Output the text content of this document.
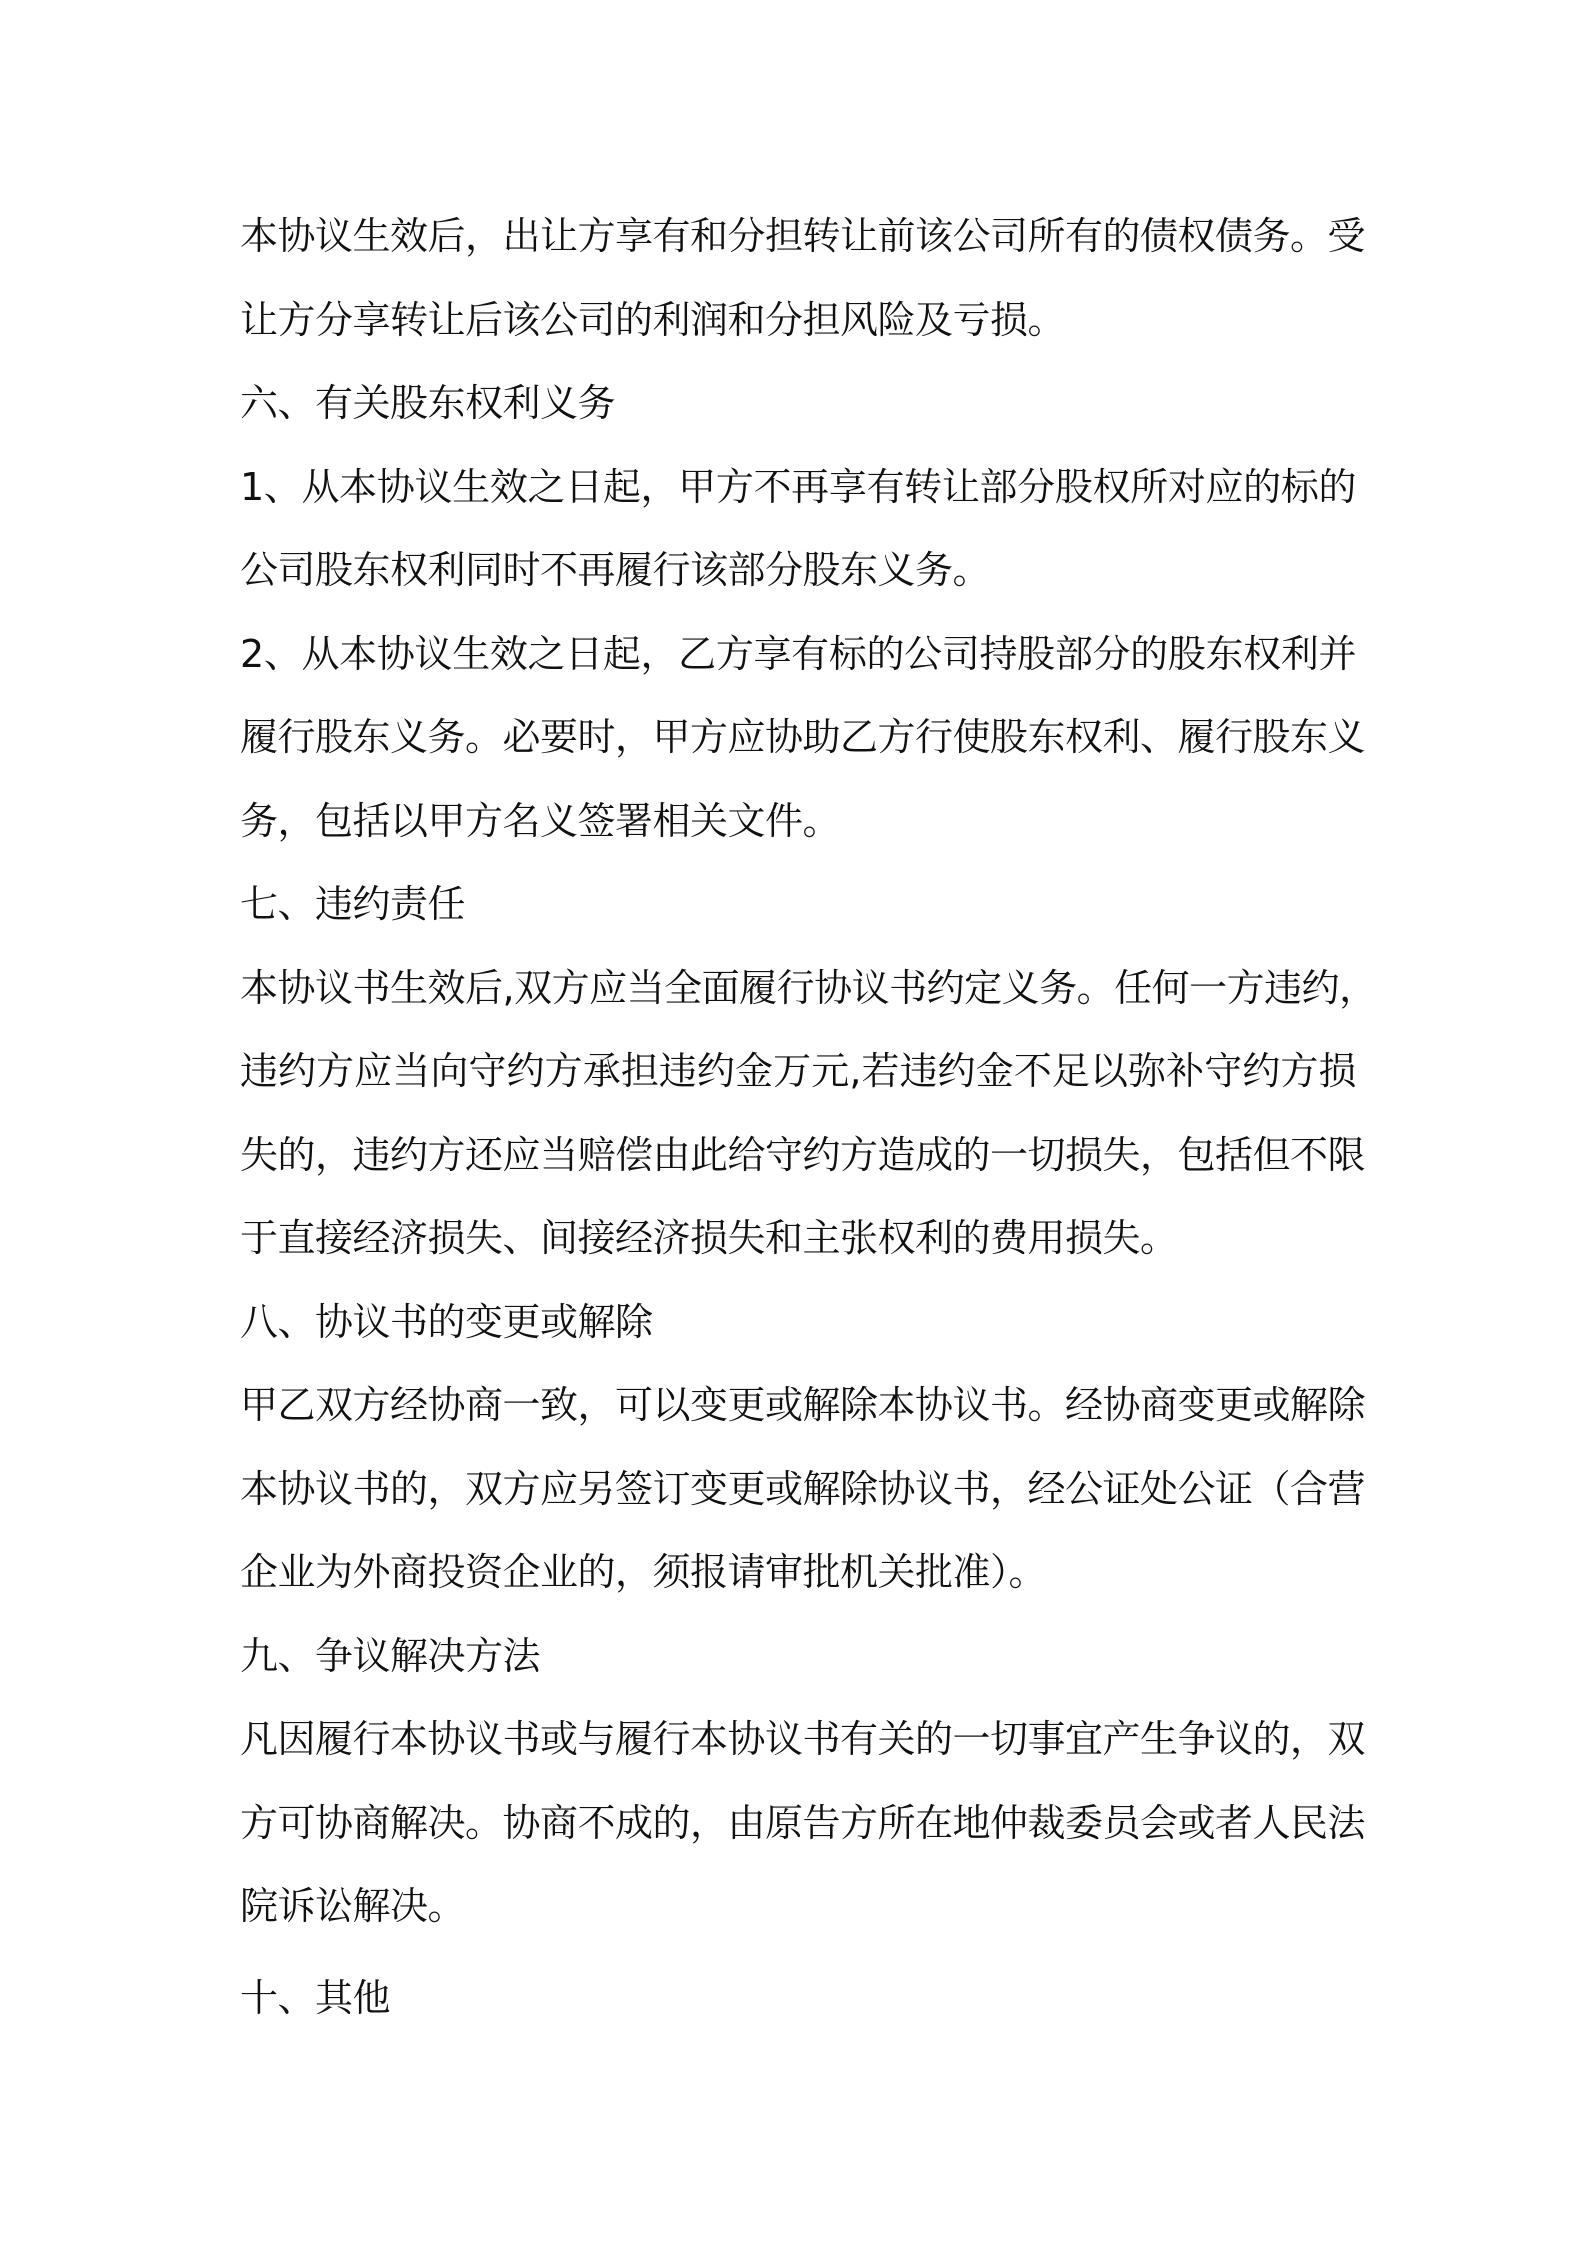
本协议生效后，出让方享有和分担转让前该公司所有的债权债务。受
让方分享转让后该公司的利润和分担风险及亏损。
六、有关股东权利义务
1、从本协议生效之日起，甲方不再享有转让部分股权所对应的标的
公司股东权利同时不再履行该部分股东义务。
2、从本协议生效之日起，乙方享有标的公司持股部分的股东权利并
履行股东义务。必要时，甲方应协助乙方行使股东权利、履行股东义
务，包括以甲方名义签署相关文件。
七、违约责任
本协议书生效后,双方应当全面履行协议书约定义务。任何一方违约，
违约方应当向守约方承担违约金万元,若违约金不足以弥补守约方损
失的，违约方还应当赔偿由此给守约方造成的一切损失，包括但不限
于直接经济损失、间接经济损失和主张权利的费用损失。
八、协议书的变更或解除
甲乙双方经协商一致，可以变更或解除本协议书。经协商变更或解除
本协议书的，双方应另签订变更或解除协议书，经公证处公证（合营
企业为外商投资企业的，须报请审批机关批准）。
九、争议解决方法
凡因履行本协议书或与履行本协议书有关的一切事宜产生争议的，双
方可协商解决。协商不成的，由原告方所在地仲裁委员会或者人民法
院诉讼解决。
十、其他
